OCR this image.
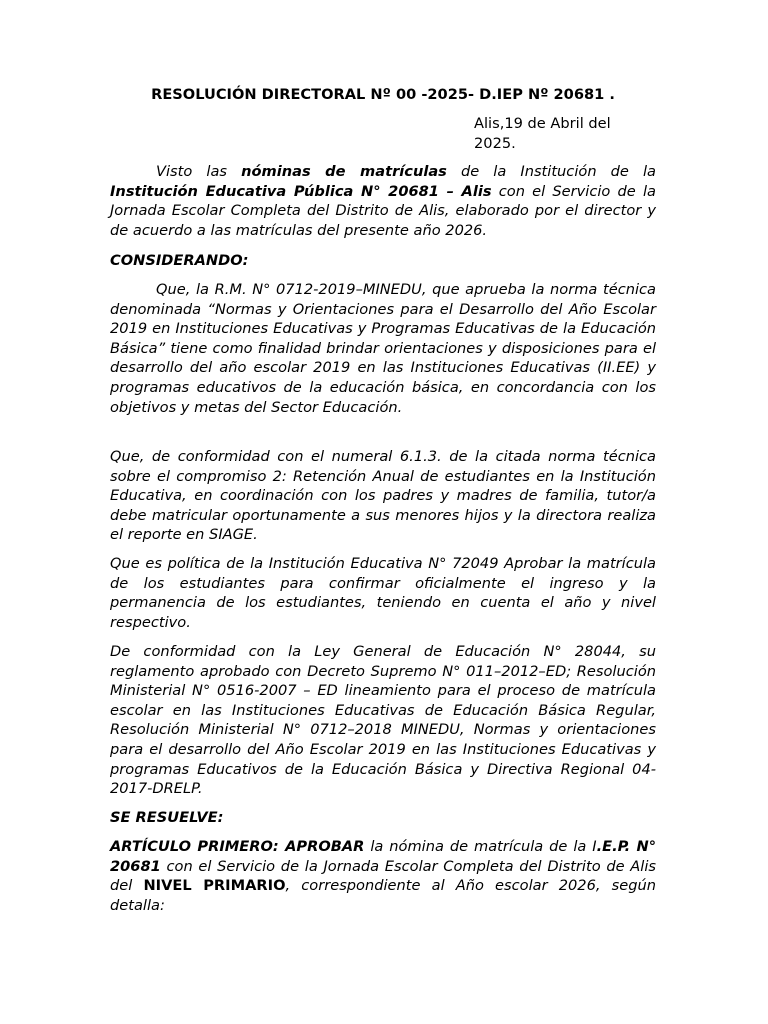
RESOLUCIÓN DIRECTORAL Nº 00 -2025- D.IEP Nº 20681 .
Alis,19 de Abril del
2025.

Visto las nóminas de matrículas de la Institución de la Institución Educativa Pública N° 20681 – Alis con el Servicio de la Jornada Escolar Completa del Distrito de Alis, elaborado por el director y de acuerdo a las matrículas del presente año 2026.

CONSIDERANDO:

Que, la R.M. N° 0712-2019–MINEDU, que aprueba la norma técnica denominada “Normas y Orientaciones para el Desarrollo del Año Escolar 2019 en Instituciones Educativas y Programas Educativas de la Educación Básica” tiene como finalidad brindar orientaciones y disposiciones para el desarrollo del año escolar 2019 en las Instituciones Educativas (II.EE) y programas educativos de la educación básica, en concordancia con los objetivos y metas del Sector Educación.

Que, de conformidad con el numeral 6.1.3. de la citada norma técnica sobre el compromiso 2: Retención Anual de estudiantes en la Institución Educativa, en coordinación con los padres y madres de familia, tutor/a debe matricular oportunamente a sus menores hijos y la directora realiza el reporte en SIAGE.

Que es política de la Institución Educativa N° 72049 Aprobar la matrícula de los estudiantes para confirmar oficialmente el ingreso y la permanencia de los estudiantes, teniendo en cuenta el año y nivel respectivo.

De conformidad con la Ley General de Educación N° 28044, su reglamento aprobado con Decreto Supremo N° 011–2012–ED; Resolución Ministerial N° 0516-2007 – ED lineamiento para el proceso de matrícula escolar en las Instituciones Educativas de Educación Básica Regular, Resolución Ministerial N° 0712–2018 MINEDU, Normas y orientaciones para el desarrollo del Año Escolar 2019 en las Instituciones Educativas y programas Educativos de la Educación Básica y Directiva Regional 04-2017-DRELP.

SE RESUELVE:

ARTÍCULO PRIMERO: APROBAR la nómina de matrícula de la I.E.P. N° 20681 con el Servicio de la Jornada Escolar Completa del Distrito de Alis del NIVEL PRIMARIO, correspondiente al Año escolar 2026, según detalla:
